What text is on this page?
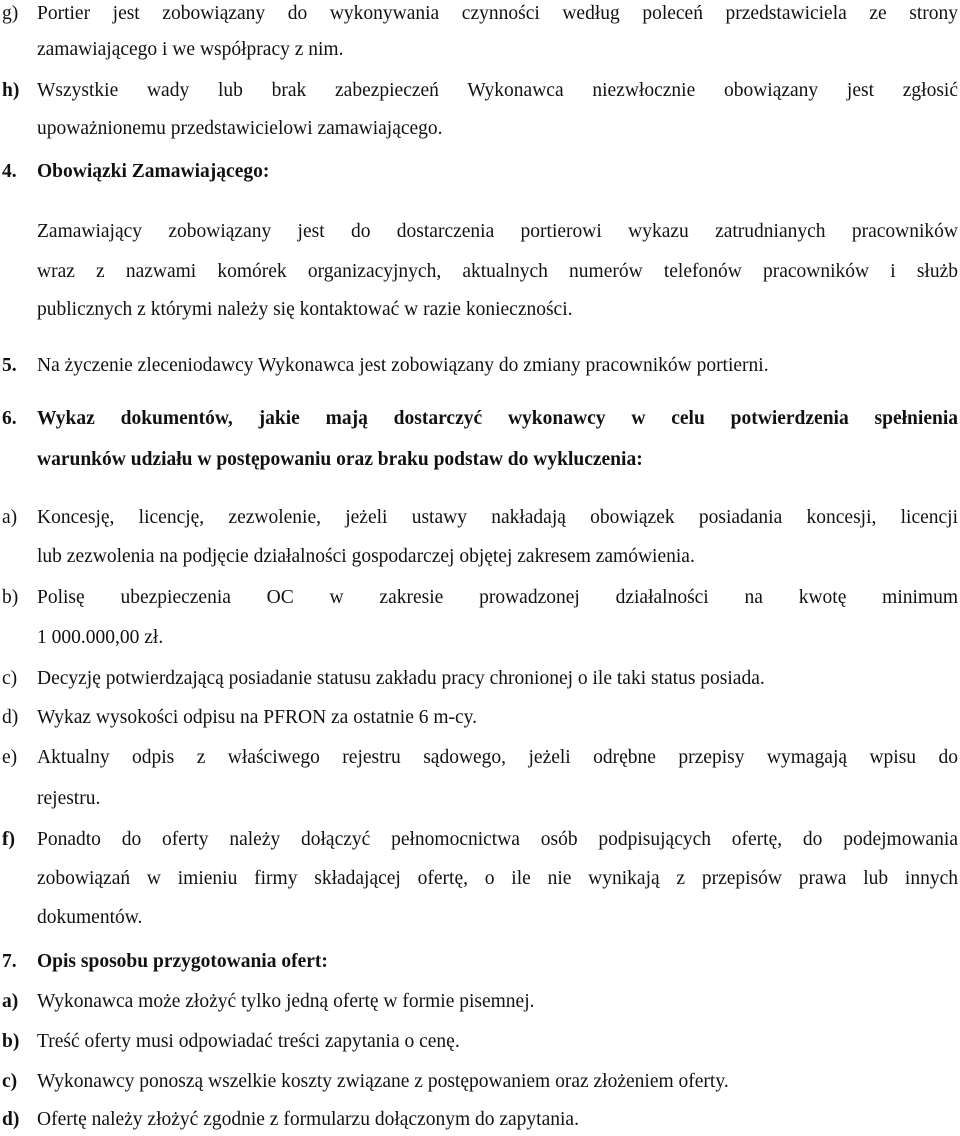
g) Portier jest zobowiązany do wykonywania czynności według poleceń przedstawiciela ze strony
zamawiającego i we współpracy z nim.
h) Wszystkie wady lub brak zabezpieczeń Wykonawca niezwłocznie obowiązany jest zgłosić
upoważnionemu przedstawicielowi zamawiającego.
4. Obowiązki Zamawiającego:
Zamawiający zobowiązany jest do dostarczenia portierowi wykazu zatrudnianych pracowników
wraz z nazwami komórek organizacyjnych, aktualnych numerów telefonów pracowników i służb
publicznych z którymi należy się kontaktować w razie konieczności.
5. Na życzenie zleceniodawcy Wykonawca jest zobowiązany do zmiany pracowników portierni.
6. Wykaz dokumentów, jakie mają dostarczyć wykonawcy w celu potwierdzenia spełnienia
warunków udziału w postępowaniu oraz braku podstaw do wykluczenia:
a) Koncesję, licencję, zezwolenie, jeżeli ustawy nakładają obowiązek posiadania koncesji, licencji
lub zezwolenia na podjęcie działalności gospodarczej objętej zakresem zamówienia.
b) Polisę ubezpieczenia OC w zakresie prowadzonej działalności na kwotę minimum
1 000.000,00 zł.
c) Decyzję potwierdzającą posiadanie statusu zakładu pracy chronionej o ile taki status posiada.
d) Wykaz wysokości odpisu na PFRON za ostatnie 6 m-cy.
e) Aktualny odpis z właściwego rejestru sądowego, jeżeli odrębne przepisy wymagają wpisu do
rejestru.
f) Ponadto do oferty należy dołączyć pełnomocnictwa osób podpisujących ofertę, do podejmowania
zobowiązań w imieniu firmy składającej ofertę, o ile nie wynikają z przepisów prawa lub innych
dokumentów.
7. Opis sposobu przygotowania ofert:
a) Wykonawca może złożyć tylko jedną ofertę w formie pisemnej.
b) Treść oferty musi odpowiadać treści zapytania o cenę.
c) Wykonawcy ponoszą wszelkie koszty związane z postępowaniem oraz złożeniem oferty.
d) Ofertę należy złożyć zgodnie z formularzu dołączonym do zapytania.
